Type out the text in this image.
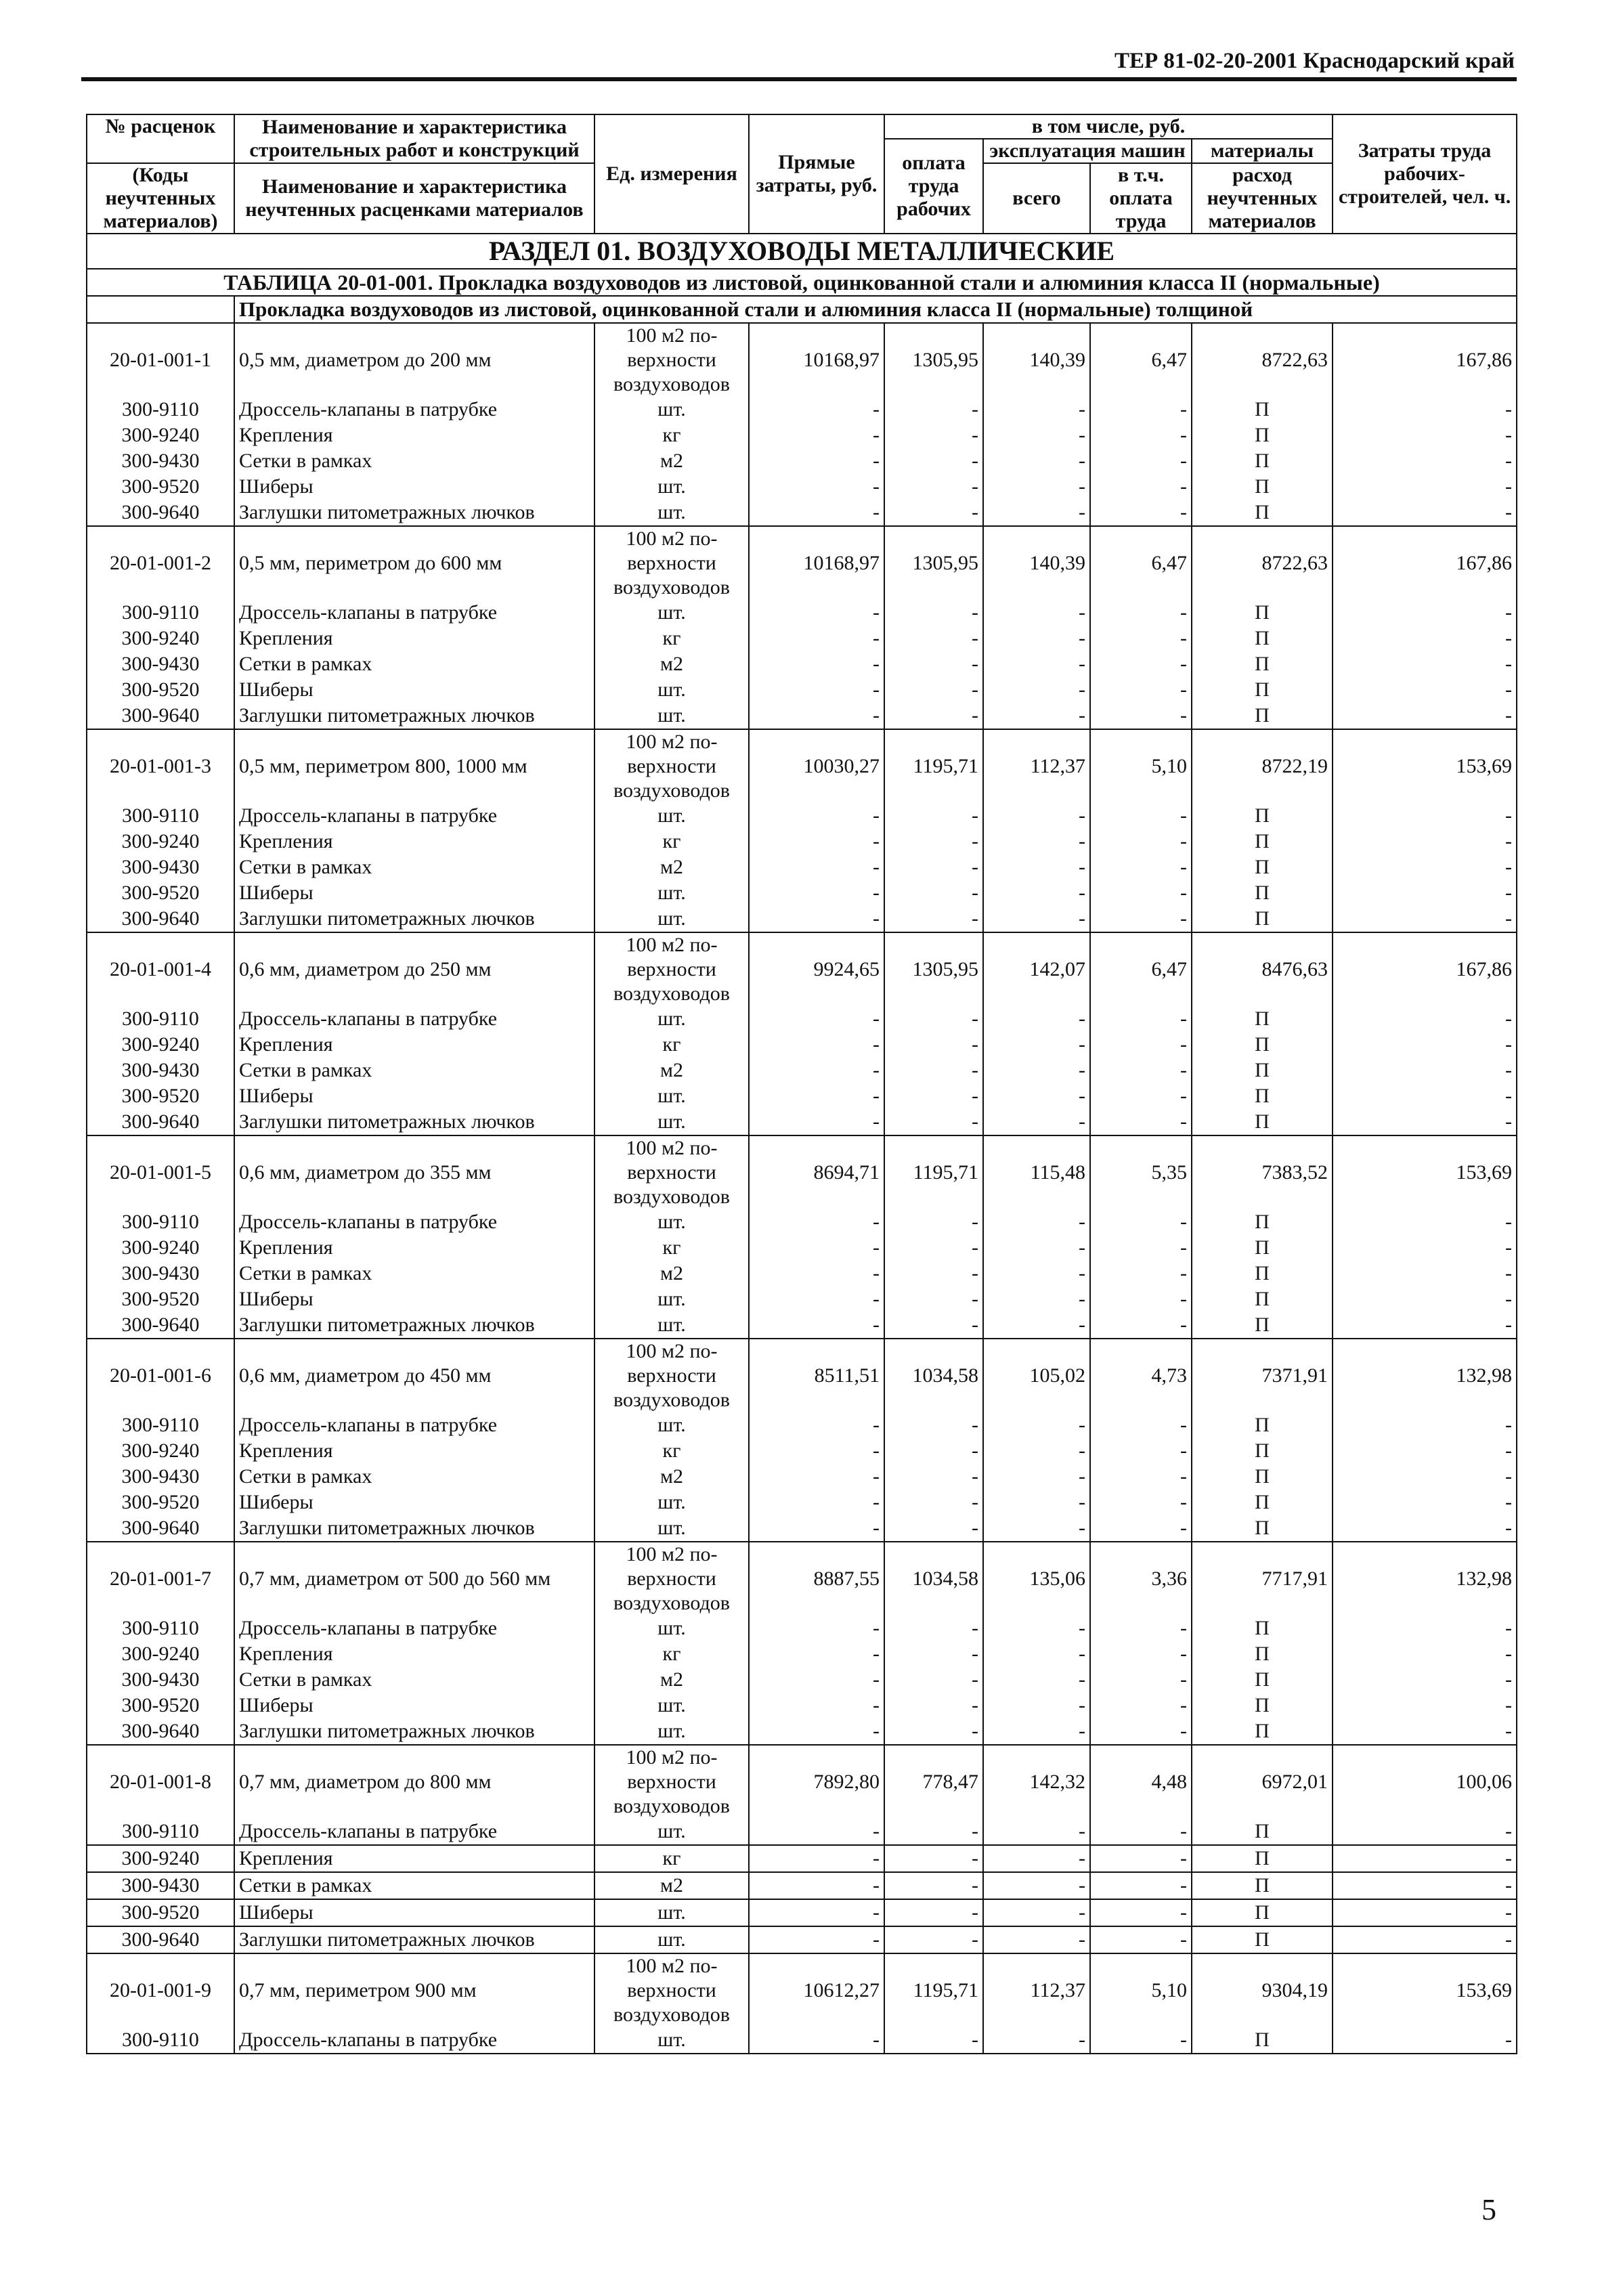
ТЕР 81-02-20-2001 Краснодарский край
№ расценок	Наименование и характеристика строительных работ и конструкций	Ед. измерения	Прямые затраты, руб.	в том числе, руб.				Затраты труда рабочих-строителей, чел. ч.
				оплата труда рабочих	эксплуатация машин		материалы	

(Коды неучтенных материалов)	Наименование и характеристика неучтенных расценками материалов				всего	в т.ч. оплата труда	расход неучтенных материалов	

РАЗДЕЛ 01. ВОЗДУХОВОДЫ МЕТАЛЛИЧЕСКИЕ								
ТАБЛИЦА 20-01-001. Прокладка воздуховодов из листовой, оцинкованной стали и алюминия класса II (нормальные)								
	Прокладка воздуховодов из листовой, оцинкованной стали и алюминия класса II (нормальные) толщиной							
20-01-001-1	0,5 мм, диаметром до 200 мм	100 м2 по-
верхности
воздуховодов	10168,97	1305,95	140,39	6,47	8722,63	167,86
300-9110	Дроссель-клапаны в патрубке	шт.	-	-	-	-	П	-
300-9240	Крепления	кг	-	-	-	-	П	-
300-9430	Сетки в рамках	м2	-	-	-	-	П	-
300-9520	Шиберы	шт.	-	-	-	-	П	-
300-9640	Заглушки питометражных лючков	шт.	-	-	-	-	П	-
20-01-001-2	0,5 мм, периметром до 600 мм	100 м2 по-
верхности
воздуховодов	10168,97	1305,95	140,39	6,47	8722,63	167,86
300-9110	Дроссель-клапаны в патрубке	шт.	-	-	-	-	П	-
300-9240	Крепления	кг	-	-	-	-	П	-
300-9430	Сетки в рамках	м2	-	-	-	-	П	-
300-9520	Шиберы	шт.	-	-	-	-	П	-
300-9640	Заглушки питометражных лючков	шт.	-	-	-	-	П	-
20-01-001-3	0,5 мм, периметром 800, 1000 мм	100 м2 по-
верхности
воздуховодов	10030,27	1195,71	112,37	5,10	8722,19	153,69
300-9110	Дроссель-клапаны в патрубке	шт.	-	-	-	-	П	-
300-9240	Крепления	кг	-	-	-	-	П	-
300-9430	Сетки в рамках	м2	-	-	-	-	П	-
300-9520	Шиберы	шт.	-	-	-	-	П	-
300-9640	Заглушки питометражных лючков	шт.	-	-	-	-	П	-
20-01-001-4	0,6 мм, диаметром до 250 мм	100 м2 по-
верхности
воздуховодов	9924,65	1305,95	142,07	6,47	8476,63	167,86
300-9110	Дроссель-клапаны в патрубке	шт.	-	-	-	-	П	-
300-9240	Крепления	кг	-	-	-	-	П	-
300-9430	Сетки в рамках	м2	-	-	-	-	П	-
300-9520	Шиберы	шт.	-	-	-	-	П	-
300-9640	Заглушки питометражных лючков	шт.	-	-	-	-	П	-
20-01-001-5	0,6 мм, диаметром до 355 мм	100 м2 по-
верхности
воздуховодов	8694,71	1195,71	115,48	5,35	7383,52	153,69
300-9110	Дроссель-клапаны в патрубке	шт.	-	-	-	-	П	-
300-9240	Крепления	кг	-	-	-	-	П	-
300-9430	Сетки в рамках	м2	-	-	-	-	П	-
300-9520	Шиберы	шт.	-	-	-	-	П	-
300-9640	Заглушки питометражных лючков	шт.	-	-	-	-	П	-
20-01-001-6	0,6 мм, диаметром до 450 мм	100 м2 по-
верхности
воздуховодов	8511,51	1034,58	105,02	4,73	7371,91	132,98
300-9110	Дроссель-клапаны в патрубке	шт.	-	-	-	-	П	-
300-9240	Крепления	кг	-	-	-	-	П	-
300-9430	Сетки в рамках	м2	-	-	-	-	П	-
300-9520	Шиберы	шт.	-	-	-	-	П	-
300-9640	Заглушки питометражных лючков	шт.	-	-	-	-	П	-
20-01-001-7	0,7 мм, диаметром от 500 до 560 мм	100 м2 по-
верхности
воздуховодов	8887,55	1034,58	135,06	3,36	7717,91	132,98
300-9110	Дроссель-клапаны в патрубке	шт.	-	-	-	-	П	-
300-9240	Крепления	кг	-	-	-	-	П	-
300-9430	Сетки в рамках	м2	-	-	-	-	П	-
300-9520	Шиберы	шт.	-	-	-	-	П	-
300-9640	Заглушки питометражных лючков	шт.	-	-	-	-	П	-
20-01-001-8	0,7 мм, диаметром до 800 мм	100 м2 по-
верхности
воздуховодов	7892,80	778,47	142,32	4,48	6972,01	100,06
300-9110	Дроссель-клапаны в патрубке	шт.	-	-	-	-	П	-
300-9240	Крепления	кг	-	-	-	-	П	-
300-9430	Сетки в рамках	м2	-	-	-	-	П	-
300-9520	Шиберы	шт.	-	-	-	-	П	-
300-9640	Заглушки питометражных лючков	шт.	-	-	-	-	П	-
20-01-001-9	0,7 мм, периметром 900 мм	100 м2 по-
верхности
воздуховодов	10612,27	1195,71	112,37	5,10	9304,19	153,69
300-9110	Дроссель-клапаны в патрубке	шт.	-	-	-	-	П	-
5
